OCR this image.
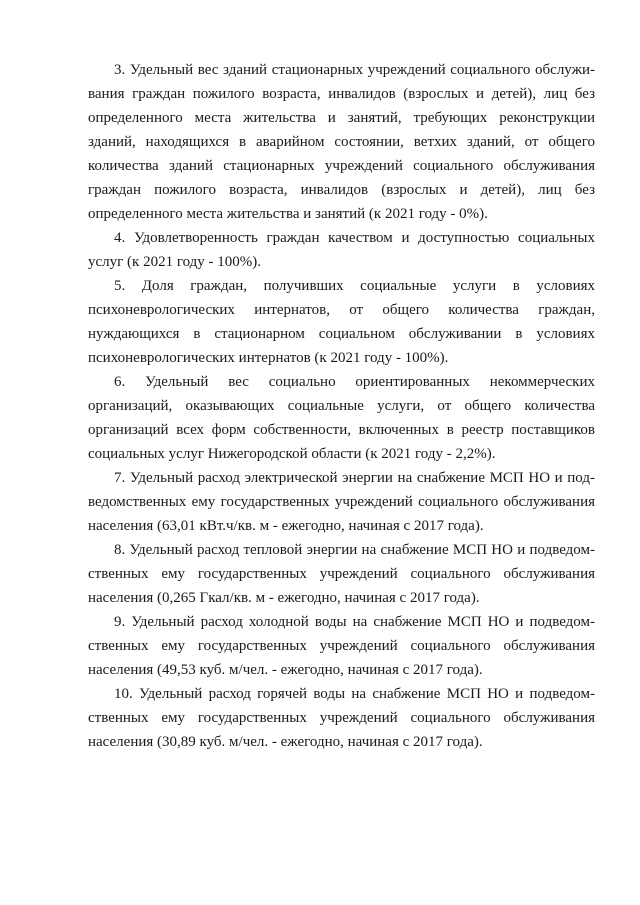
3. Удельный вес зданий стационарных учреждений социального обслуживания граждан пожилого возраста, инвалидов (взрослых и детей), лиц без определенного места жительства и занятий, требующих реконструкции зданий, находящихся в аварийном состоянии, ветхих зданий, от общего количества зданий стационарных учреждений социального обслуживания граждан пожилого возраста, инвалидов (взрослых и детей), лиц без определенного места жительства и занятий (к 2021 году - 0%).

4. Удовлетворенность граждан качеством и доступностью социальных услуг (к 2021 году - 100%).

5. Доля граждан, получивших социальные услуги в условиях психоневрологических интернатов, от общего количества граждан, нуждающихся в стационарном социальном обслуживании в условиях психоневрологических интернатов (к 2021 году - 100%).

6. Удельный вес социально ориентированных некоммерческих организаций, оказывающих социальные услуги, от общего количества организаций всех форм собственности, включенных в реестр поставщиков социальных услуг Нижегородской области (к 2021 году - 2,2%).

7. Удельный расход электрической энергии на снабжение МСП НО и подведомственных ему государственных учреждений социального обслуживания населения (63,01 кВт.ч/кв. м - ежегодно, начиная с 2017 года).

8. Удельный расход тепловой энергии на снабжение МСП НО и подведомственных ему государственных учреждений социального обслуживания населения (0,265 Гкал/кв. м - ежегодно, начиная с 2017 года).

9. Удельный расход холодной воды на снабжение МСП НО и подведомственных ему государственных учреждений социального обслуживания населения (49,53 куб. м/чел. - ежегодно, начиная с 2017 года).

10. Удельный расход горячей воды на снабжение МСП НО и подведомственных ему государственных учреждений социального обслуживания населения (30,89 куб. м/чел. - ежегодно, начиная с 2017 года).
